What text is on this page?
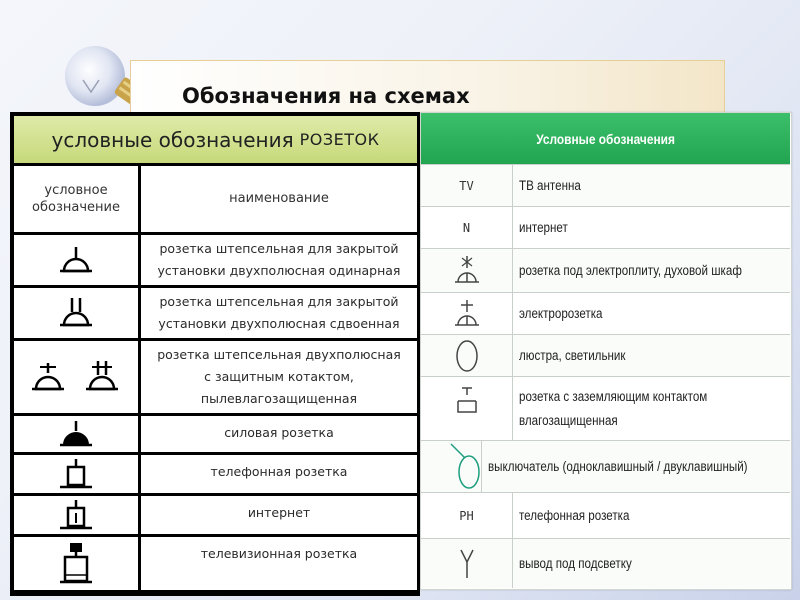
Обозначения на схемах
условные обозначения РОЗЕТОК
условное
обозначение
наименование
розетка штепсельная для закрытой
установки двухполюсная одинарная
розетка штепсельная для закрытой
установки двухполюсная сдвоенная
розетка штепсельная двухполюсная
с защитным котактом,
пылевлагозащищенная
силовая розетка
телефонная розетка
интернет
телевизионная розетка
Условные обозначения
TV	ТВ антенна
N	интернет
розетка под электроплиту, духовой шкаф
электророзетка
люстра, светильник
розетка с заземляющим контактом
влагозащищенная
выключатель (одноклавишный / двуклавишный)
PH	телефонная розетка
вывод под подсветку
